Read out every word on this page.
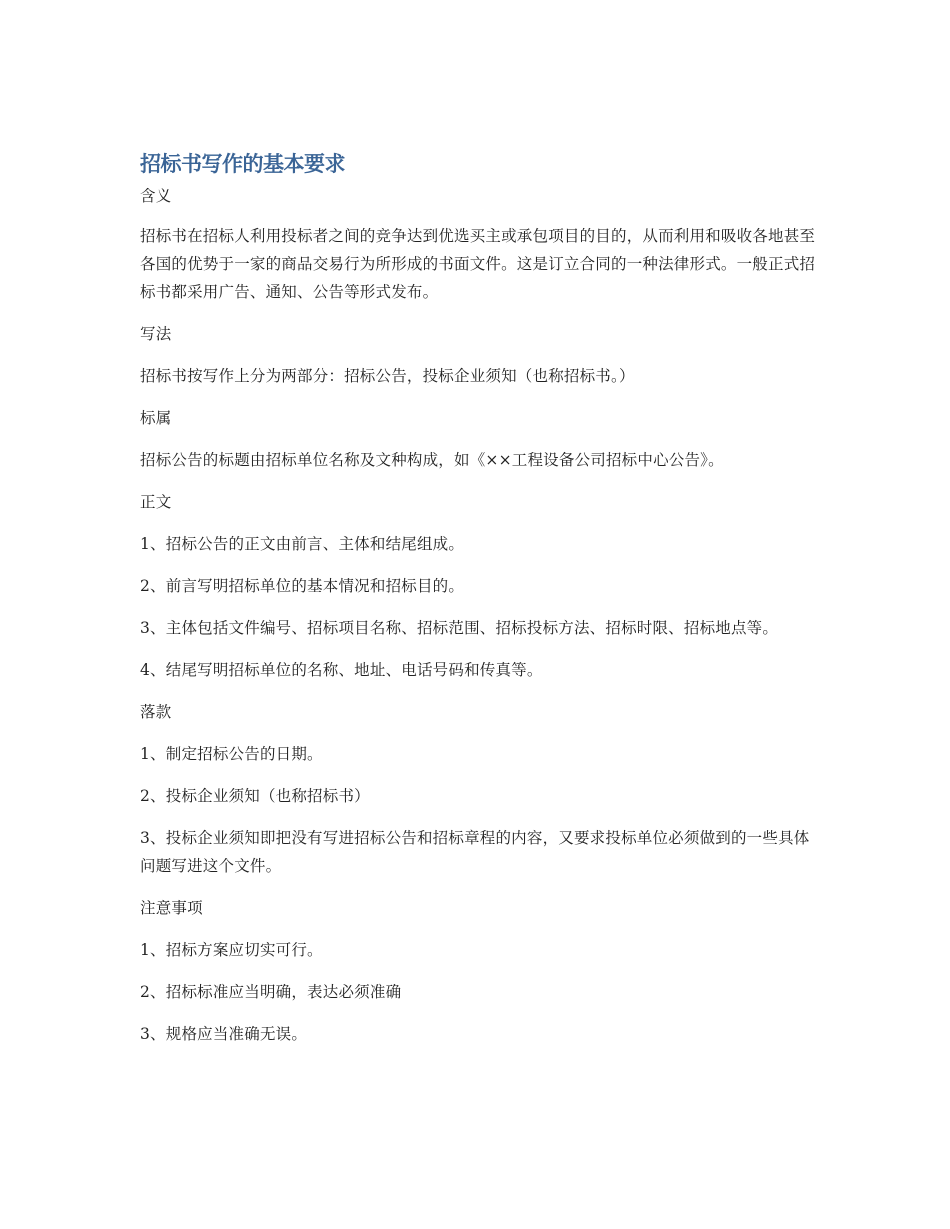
招标书写作的基本要求

含义

招标书在招标人利用投标者之间的竞争达到优选买主或承包项目的目的，从而利用和吸收各地甚至各国的优势于一家的商品交易行为所形成的书面文件。这是订立合同的一种法律形式。一般正式招标书都采用广告、通知、公告等形式发布。

写法

招标书按写作上分为两部分：招标公告，投标企业须知（也称招标书。）

标属

招标公告的标题由招标单位名称及文种构成，如《××工程设备公司招标中心公告》。

正文

1、招标公告的正文由前言、主体和结尾组成。

2、前言写明招标单位的基本情况和招标目的。

3、主体包括文件编号、招标项目名称、招标范围、招标投标方法、招标时限、招标地点等。

4、结尾写明招标单位的名称、地址、电话号码和传真等。

落款

1、制定招标公告的日期。

2、投标企业须知（也称招标书）

3、投标企业须知即把没有写进招标公告和招标章程的内容，又要求投标单位必须做到的一些具体问题写进这个文件。

注意事项

1、招标方案应切实可行。

2、招标标准应当明确，表达必须准确

3、规格应当准确无误。
